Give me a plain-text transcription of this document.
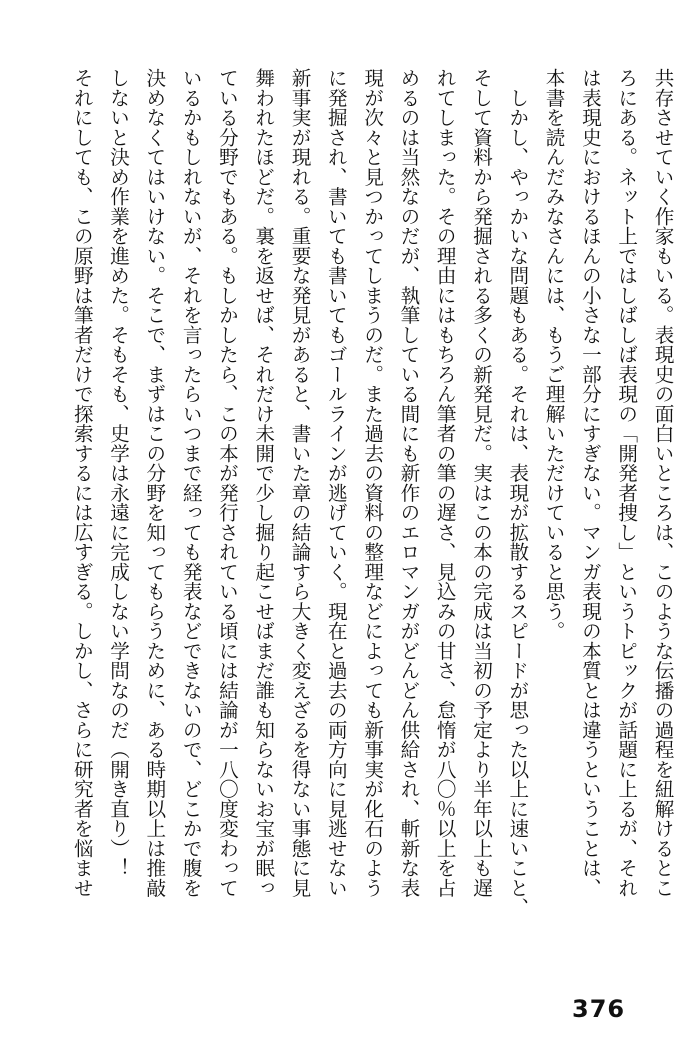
共存させていく作家もいる。表現史の面白いところは、このような伝播の過程を紐解けるとこ
ろにある。ネット上ではしばしば表現の「開発者捜し」というトピックが話題に上るが、それ
は表現史におけるほんの小さな一部分にすぎない。マンガ表現の本質とは違うということは、
本書を読んだみなさんには、もうご理解いただけていると思う。
　しかし、やっかいな問題もある。それは、表現が拡散するスピードが思った以上に速いこと、
そして資料から発掘される多くの新発見だ。実はこの本の完成は当初の予定より半年以上も遅
れてしまった。その理由にはもちろん筆者の筆の遅さ、見込みの甘さ、怠惰が八〇％以上を占
めるのは当然なのだが、執筆している間にも新作のエロマンガがどんどん供給され、斬新な表
現が次々と見つかってしまうのだ。また過去の資料の整理などによっても新事実が化石のよう
に発掘され、書いても書いてもゴールラインが逃げていく。現在と過去の両方向に見逃せない
新事実が現れる。重要な発見があると、書いた章の結論すら大きく変えざるを得ない事態に見
舞われたほどだ。裏を返せば、それだけ未開で少し掘り起こせばまだ誰も知らないお宝が眠っ
ている分野でもある。もしかしたら、この本が発行されている頃には結論が一八〇度変わって
いるかもしれないが、それを言ったらいつまで経っても発表などできないので、どこかで腹を
決めなくてはいけない。そこで、まずはこの分野を知ってもらうために、ある時期以上は推敲
しないと決め作業を進めた。そもそも、史学は永遠に完成しない学問なのだ（開き直り）！
それにしても、この原野は筆者だけで探索するには広すぎる。しかし、さらに研究者を悩ませ
376
